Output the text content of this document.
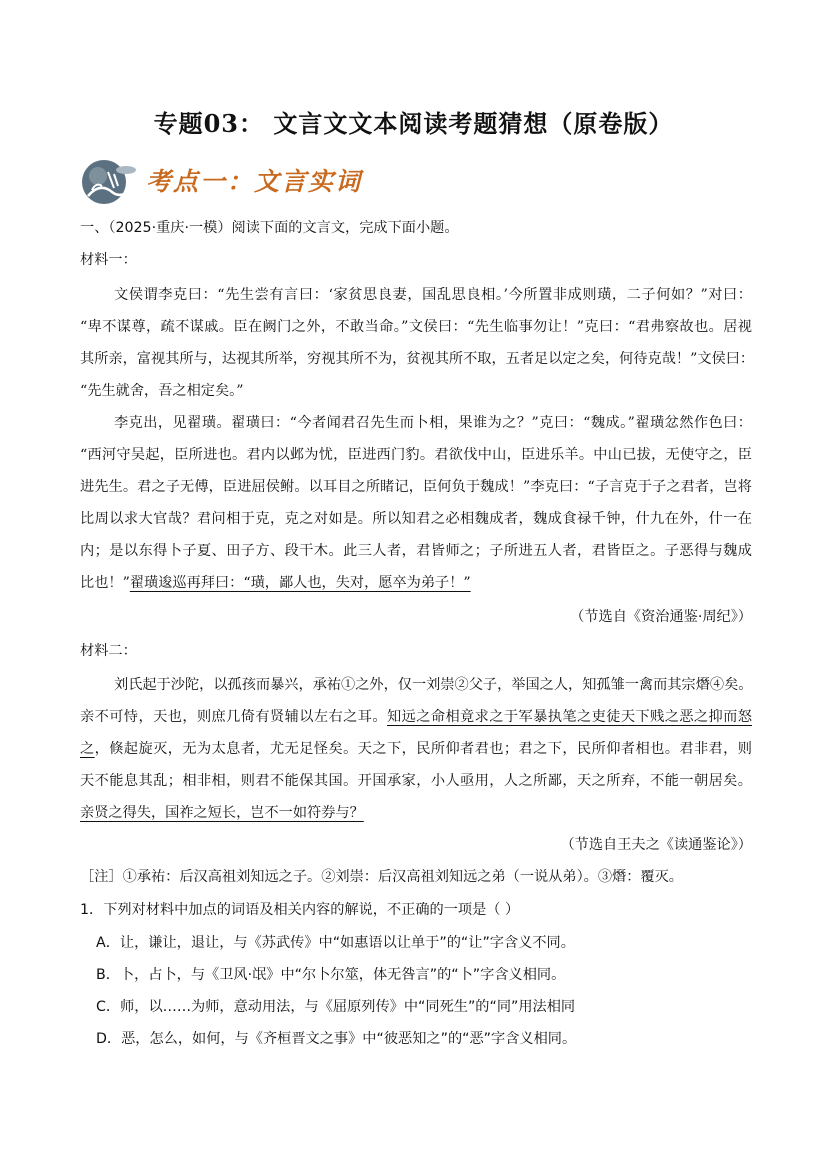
专题03： 文言文文本阅读考题猜想（原卷版）
考点一：文言实词
一、（2025·重庆·一模）阅读下面的文言文，完成下面小题。
材料一：
文侯谓李克曰：“先生尝有言曰：‘家贫思良妻，国乱思良相。’今所置非成则璜，二子何如？”对曰：
“卑不谋尊，疏不谋戚。臣在阙门之外，不敢当命。”文侯曰：“先生临事勿让！”克曰：“君弗察故也。居视
其所亲，富视其所与，达视其所举，穷视其所不为，贫视其所不取，五者足以定之矣，何待克哉！”文侯曰：
“先生就舍，吾之相定矣。”
李克出，见翟璜。翟璜曰：“今者闻君召先生而卜相，果谁为之？”克曰：“魏成。”翟璜忿然作色曰：
“西河守吴起，臣所进也。君内以邺为忧，臣进西门豹。君欲伐中山，臣进乐羊。中山已拔，无使守之，臣
进先生。君之子无傅，臣进屈侯鲋。以耳目之所睹记，臣何负于魏成！”李克曰：“子言克于子之君者，岂将
比周以求大官哉？君问相于克，克之对如是。所以知君之必相魏成者，魏成食禄千钟，什九在外，什一在
内；是以东得卜子夏、田子方、段干木。此三人者，君皆师之；子所进五人者，君皆臣之。子恶得与魏成
比也！”翟璜逡巡再拜曰：“璜，鄙人也，失对，愿卒为弟子！”
（节选自《资治通鉴·周纪》）
材料二：
刘氏起于沙陀，以孤孩而暴兴，承祐①之外，仅一刘崇②父子，举国之人，知孤雏一禽而其宗熸④矣。
亲不可恃，天也，则庶几倚有贤辅以左右之耳。知远之命相竟求之于军暴执笔之吏徒天下贱之恶之抑而怒
之，倏起旋灭，无为太息者，尤无足怪矣。天之下，民所仰者君也；君之下，民所仰者相也。君非君，则
天不能息其乱；相非相，则君不能保其国。开国承家，小人亟用，人之所鄙，天之所弃，不能一朝居矣。
亲贤之得失，国祚之短长，岂不一如符券与？
（节选自王夫之《读通鉴论》）
［注］①承祐：后汉高祖刘知远之子。②刘崇：后汉高祖刘知远之弟（一说从弟）。③熸：覆灭。
1．下列对材料中加点的词语及相关内容的解说，不正确的一项是（ ）
A．让，谦让，退让，与《苏武传》中“如惠语以让单于”的“让”字含义不同。
B．卜，占卜，与《卫风·氓》中“尔卜尔筮，体无咎言”的“卜”字含义相同。
C．师，以……为师，意动用法，与《屈原列传》中“同死生”的“同”用法相同
D．恶，怎么，如何，与《齐桓晋文之事》中“彼恶知之”的“恶”字含义相同。
